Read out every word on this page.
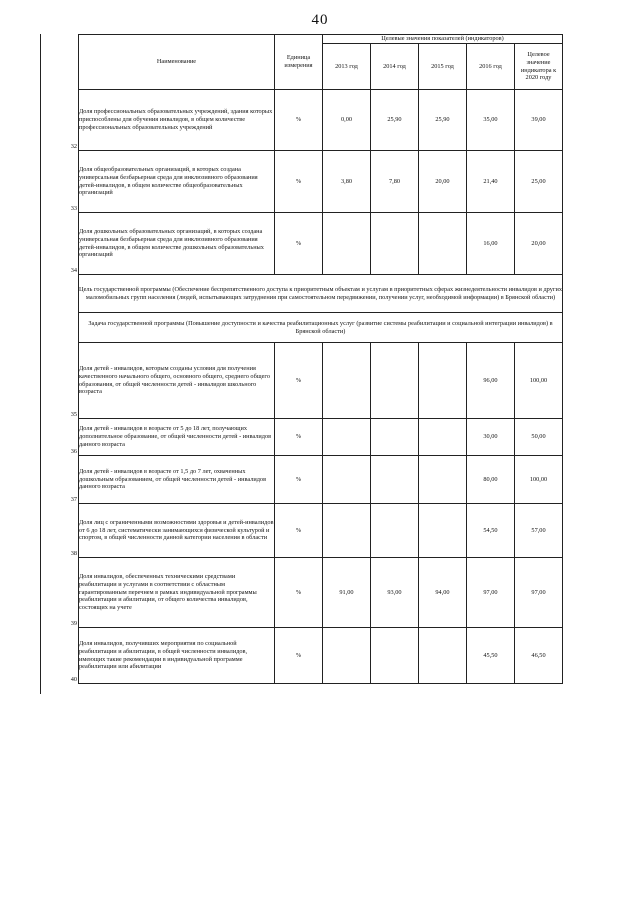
40
Наименование	Единица измерения	Целевые значения показателей (индикаторов)				
		2013 год	2014 год	2015 год	2016 год	Целевое значение индикатора к 2020 году

32
Доля профессиональных образовательных учреждений, здания которых приспособлены для обучения инвалидов, в общем количестве профессиональных образовательных учреждений	%	0,00	25,90	25,90	35,00	39,00

33
Доля общеобразовательных организаций, в которых создана универсальная безбарьерная среда для инклюзивного образования детей-инвалидов, в общем количестве общеобразовательных организаций	%	3,80	7,80	20,00	21,40	25,00

34
Доля дошкольных образовательных организаций, в которых создана универсальная безбарьерная среда для инклюзивного образования детей-инвалидов, в общем количестве дошкольных образовательных организаций	%				16,00	20,00
Цель государственной программы (Обеспечение беспрепятственного доступа к приоритетным объектам и услугам в приоритетных сферах жизнедеятельности инвалидов и других маломобильных групп населения (людей, испытывающих затруднения при самостоятельном передвижении, получении услуг, необходимой информации) в Брянской области)						
Задача государственной программы (Повышение доступности и качества реабилитационных услуг (развитие системы реабилитации и социальной интеграции инвалидов) в Брянской области)						

35
Доля детей - инвалидов, которым созданы условия для получения качественного начального общего, основного общего, среднего общего образования, от общей численности детей - инвалидов школьного возраста	%				96,00	100,00

36
Доля детей - инвалидов в возрасте от 5 до 18 лет, получающих дополнительное образование, от общей численности детей - инвалидов данного возраста	%				30,00	50,00

37
Доля детей - инвалидов в возрасте от 1,5 до 7 лет, охваченных дошкольным образованием, от общей численности детей - инвалидов данного возраста	%				80,00	100,00

38
Доля лиц с ограниченными возможностями здоровья и детей-инвалидов от 6 до 18 лет, систематически занимающихся физической культурой и спортом, в общей численности данной категории населения в области	%				54,50	57,00

39
Доля инвалидов, обеспеченных техническими средствами реабилитации и услугами в соответствии с областным гарантированным перечнем в рамках индивидуальной программы реабилитации и абилитации, от общего количества инвалидов, состоящих на учете	%	91,00	93,00	94,00	97,00	97,00

40
Доля инвалидов, получивших мероприятия по социальной реабилитации и абилитации, в общей численности инвалидов, имеющих такие рекомендации в индивидуальной программе реабилитации или абилитации	%				45,50	46,50
